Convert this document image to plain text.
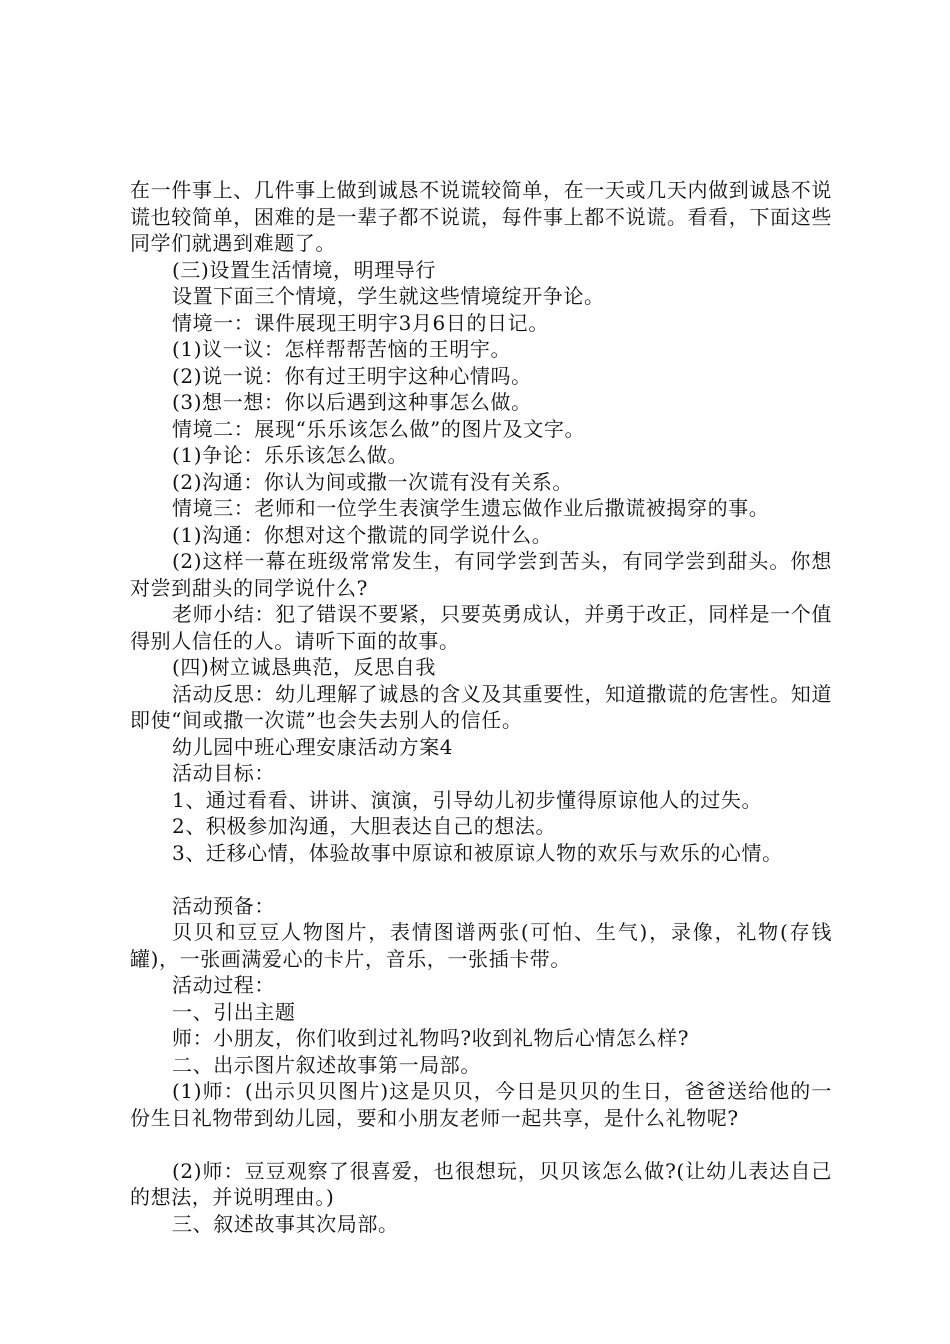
在一件事上、几件事上做到诚恳不说谎较简单，在一天或几天内做到诚恳不说谎也较简单，困难的是一辈子都不说谎，每件事上都不说谎。看看，下面这些同学们就遇到难题了。

(三)设置生活情境，明理导行

设置下面三个情境，学生就这些情境绽开争论。

情境一：课件展现王明宇3月6日的日记。

(1)议一议：怎样帮帮苦恼的王明宇。

(2)说一说：你有过王明宇这种心情吗。

(3)想一想：你以后遇到这种事怎么做。

情境二：展现“乐乐该怎么做”的图片及文字。

(1)争论：乐乐该怎么做。

(2)沟通：你认为间或撒一次谎有没有关系。

情境三：老师和一位学生表演学生遗忘做作业后撒谎被揭穿的事。

(1)沟通：你想对这个撒谎的同学说什么。

(2)这样一幕在班级常常发生，有同学尝到苦头，有同学尝到甜头。你想对尝到甜头的同学说什么?

老师小结：犯了错误不要紧，只要英勇成认，并勇于改正，同样是一个值得别人信任的人。请听下面的故事。

(四)树立诚恳典范，反思自我

活动反思：幼儿理解了诚恳的含义及其重要性，知道撒谎的危害性。知道即使“间或撒一次谎”也会失去别人的信任。

幼儿园中班心理安康活动方案4

活动目标：

1、通过看看、讲讲、演演，引导幼儿初步懂得原谅他人的过失。

2、积极参加沟通，大胆表达自己的想法。

3、迁移心情，体验故事中原谅和被原谅人物的欢乐与欢乐的心情。

活动预备：

贝贝和豆豆人物图片，表情图谱两张(可怕、生气)，录像，礼物(存钱罐)，一张画满爱心的卡片，音乐，一张插卡带。

活动过程：

一、引出主题

师：小朋友，你们收到过礼物吗?收到礼物后心情怎么样?

二、出示图片叙述故事第一局部。

(1)师：(出示贝贝图片)这是贝贝，今日是贝贝的生日，爸爸送给他的一份生日礼物带到幼儿园，要和小朋友老师一起共享，是什么礼物呢?

(2)师：豆豆观察了很喜爱，也很想玩，贝贝该怎么做?(让幼儿表达自己的想法，并说明理由。)

三、叙述故事其次局部。
